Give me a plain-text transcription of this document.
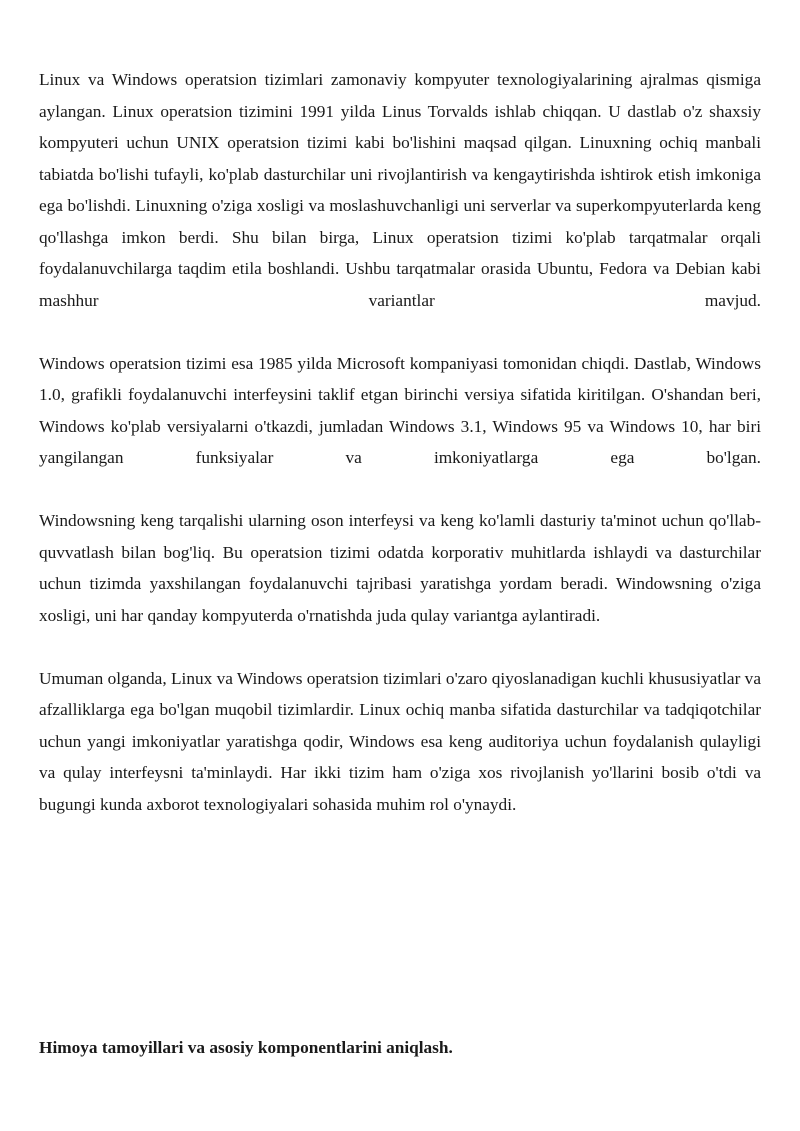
Linux va Windows operatsion tizimlari zamonaviy kompyuter texnologiyalarining ajralmas qismiga aylangan. Linux operatsion tizimini 1991 yilda Linus Torvalds ishlab chiqqan. U dastlab o'z shaxsiy kompyuteri uchun UNIX operatsion tizimi kabi bo'lishini maqsad qilgan. Linuxning ochiq manbali tabiatda bo'lishi tufayli, ko'plab dasturchilar uni rivojlantirish va kengaytirishda ishtirok etish imkoniga ega bo'lishdi. Linuxning o'ziga xosligi va moslashuvchanligi uni serverlar va superkompyuterlarda keng qo'llashga imkon berdi. Shu bilan birga, Linux operatsion tizimi ko'plab tarqatmalar orqali foydalanuvchilarga taqdim etila boshlandi. Ushbu tarqatmalar orasida Ubuntu, Fedora va Debian kabi mashhur variantlar mavjud.

Windows operatsion tizimi esa 1985 yilda Microsoft kompaniyasi tomonidan chiqdi. Dastlab, Windows 1.0, grafikli foydalanuvchi interfeysini taklif etgan birinchi versiya sifatida kiritilgan. O'shandan beri, Windows ko'plab versiyalarni o'tkazdi, jumladan Windows 3.1, Windows 95 va Windows 10, har biri yangilangan funksiyalar va imkoniyatlarga ega bo'lgan.

Windowsning keng tarqalishi ularning oson interfeysi va keng ko'lamli dasturiy ta'minot uchun qo'llab-quvvatlash bilan bog'liq. Bu operatsion tizimi odatda korporativ muhitlarda ishlaydi va dasturchilar uchun tizimda yaxshilangan foydalanuvchi tajribasi yaratishga yordam beradi. Windowsning o'ziga xosligi, uni har qanday kompyuterda o'rnatishda juda qulay variantga aylantiradi.

Umuman olganda, Linux va Windows operatsion tizimlari o'zaro qiyoslanadigan kuchli khususiyatlar va afzalliklarga ega bo'lgan muqobil tizimlardir. Linux ochiq manba sifatida dasturchilar va tadqiqotchilar uchun yangi imkoniyatlar yaratishga qodir, Windows esa keng auditoriya uchun foydalanish qulayligi va qulay interfeysni ta'minlaydi. Har ikki tizim ham o'ziga xos rivojlanish yo'llarini bosib o'tdi va bugungi kunda axborot texnologiyalari sohasida muhim rol o'ynaydi.

Himoya tamoyillari va asosiy komponentlarini aniqlash.
